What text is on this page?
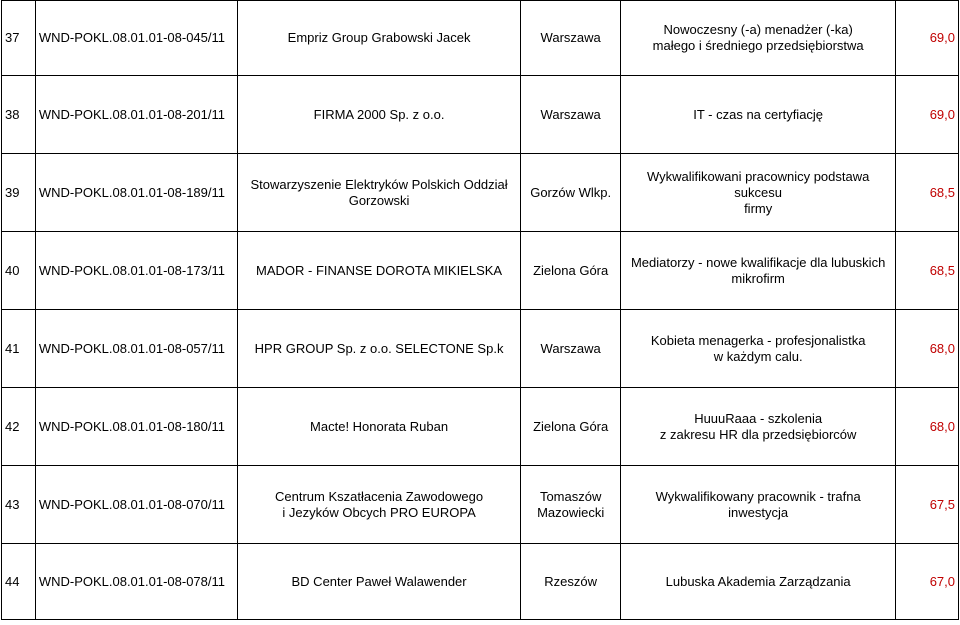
37	WND-POKL.08.01.01-08-045/11	Empriz Group Grabowski Jacek	Warszawa	Nowoczesny (-a) menadżer (-ka)
małego i średniego przedsiębiorstwa	69,0
38	WND-POKL.08.01.01-08-201/11	FIRMA 2000 Sp. z o.o.	Warszawa	IT - czas na certyfiację	69,0
39	WND-POKL.08.01.01-08-189/11	Stowarzyszenie Elektryków Polskich Oddział
Gorzowski	Gorzów Wlkp.	Wykwalifikowani pracownicy podstawa sukcesu
firmy	68,5
40	WND-POKL.08.01.01-08-173/11	MADOR - FINANSE DOROTA MIKIELSKA	Zielona Góra	Mediatorzy - nowe kwalifikacje dla lubuskich
mikrofirm	68,5
41	WND-POKL.08.01.01-08-057/11	HPR GROUP Sp. z o.o. SELECTONE Sp.k	Warszawa	Kobieta menagerka - profesjonalistka
w każdym calu.	68,0
42	WND-POKL.08.01.01-08-180/11	Macte! Honorata Ruban	Zielona Góra	HuuuRaaa - szkolenia
z zakresu HR dla przedsiębiorców	68,0
43	WND-POKL.08.01.01-08-070/11	Centrum Kszatłacenia Zawodowego
i Jezyków Obcych PRO EUROPA	Tomaszów
Mazowiecki	Wykwalifikowany pracownik - trafna inwestycja	67,5
44	WND-POKL.08.01.01-08-078/11	BD Center Paweł Walawender	Rzeszów	Lubuska Akademia Zarządzania	67,0
